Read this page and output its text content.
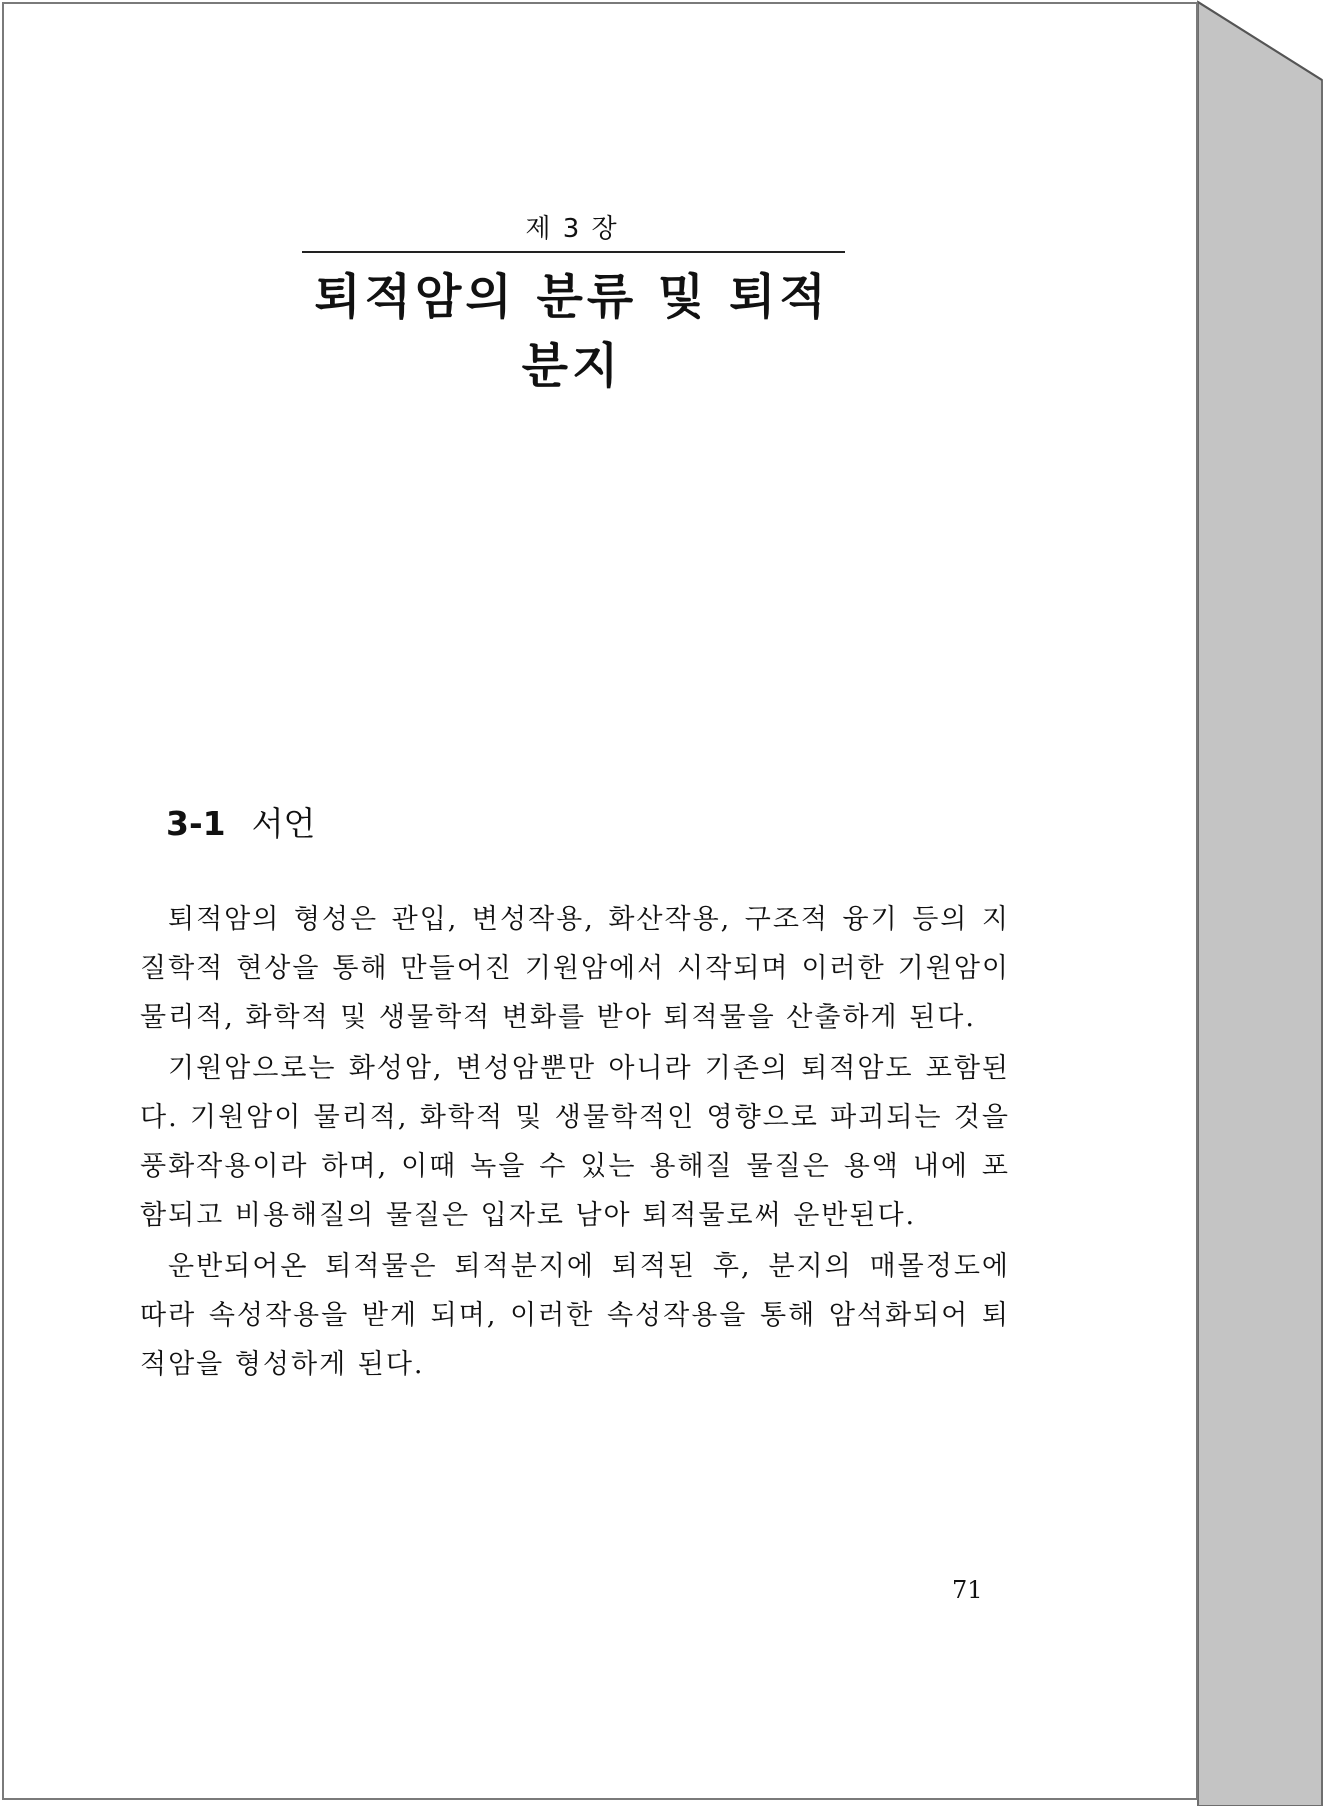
제 3 장
퇴적암의 분류 및 퇴적분지
3-1 서언

퇴적암의 형성은 관입, 변성작용, 화산작용, 구조적 융기 등의 지질학적 현상을 통해 만들어진 기원암에서 시작되며 이러한 기원암이 물리적, 화학적 및 생물학적 변화를 받아 퇴적물을 산출하게 된다.

기원암으로는 화성암, 변성암뿐만 아니라 기존의 퇴적암도 포함된다. 기원암이 물리적, 화학적 및 생물학적인 영향으로 파괴되는 것을 풍화작용이라 하며, 이때 녹을 수 있는 용해질 물질은 용액 내에 포함되고 비용해질의 물질은 입자로 남아 퇴적물로써 운반된다.

운반되어온 퇴적물은 퇴적분지에 퇴적된 후, 분지의 매몰정도에 따라 속성작용을 받게 되며, 이러한 속성작용을 통해 암석화되어 퇴적암을 형성하게 된다.

71
